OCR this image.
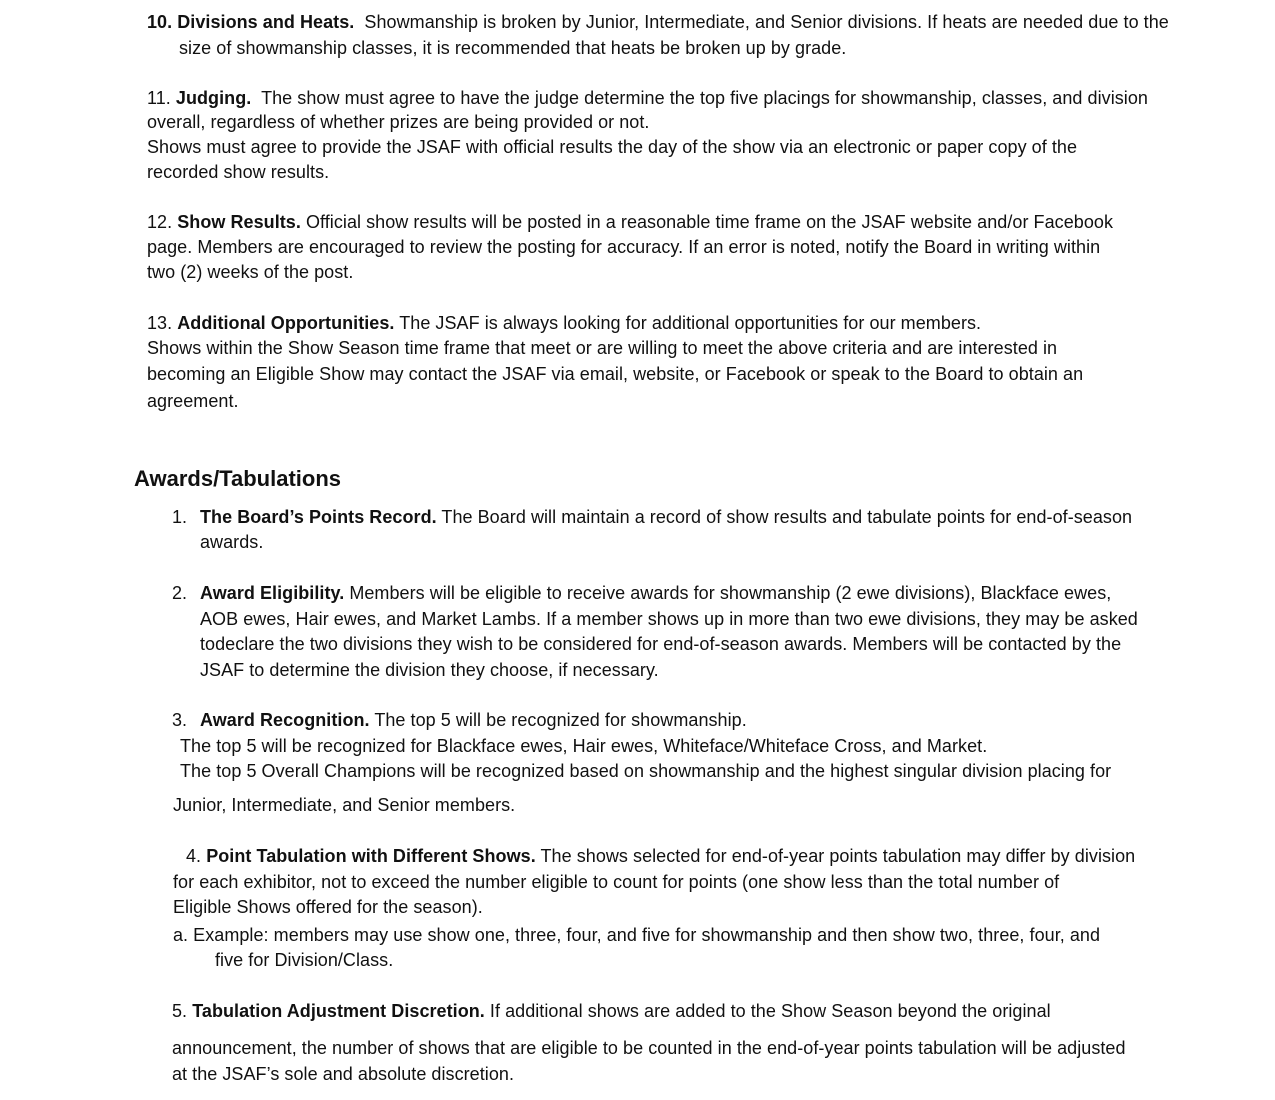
10. Divisions and Heats. Showmanship is broken by Junior, Intermediate, and Senior divisions. If heats are needed due to the
size of showmanship classes, it is recommended that heats be broken up by grade.
11. Judging. The show must agree to have the judge determine the top five placings for showmanship, classes, and division
overall, regardless of whether prizes are being provided or not.
Shows must agree to provide the JSAF with official results the day of the show via an electronic or paper copy of the
recorded show results.
12. Show Results. Official show results will be posted in a reasonable time frame on the JSAF website and/or Facebook
page. Members are encouraged to review the posting for accuracy. If an error is noted, notify the Board in writing within
two (2) weeks of the post.
13. Additional Opportunities. The JSAF is always looking for additional opportunities for our members.
Shows within the Show Season time frame that meet or are willing to meet the above criteria and are interested in
becoming an Eligible Show may contact the JSAF via email, website, or Facebook or speak to the Board to obtain an
agreement.
Awards/Tabulations
1. The Board’s Points Record. The Board will maintain a record of show results and tabulate points for end-of-season
awards.
2. Award Eligibility. Members will be eligible to receive awards for showmanship (2 ewe divisions), Blackface ewes,
AOB ewes, Hair ewes, and Market Lambs. If a member shows up in more than two ewe divisions, they may be asked
todeclare the two divisions they wish to be considered for end-of-season awards. Members will be contacted by the
JSAF to determine the division they choose, if necessary.
3. Award Recognition. The top 5 will be recognized for showmanship.
The top 5 will be recognized for Blackface ewes, Hair ewes, Whiteface/Whiteface Cross, and Market.
The top 5 Overall Champions will be recognized based on showmanship and the highest singular division placing for
Junior, Intermediate, and Senior members.
4. Point Tabulation with Different Shows. The shows selected for end-of-year points tabulation may differ by division
for each exhibitor, not to exceed the number eligible to count for points (one show less than the total number of
Eligible Shows offered for the season).
a. Example: members may use show one, three, four, and five for showmanship and then show two, three, four, and
five for Division/Class.
5. Tabulation Adjustment Discretion. If additional shows are added to the Show Season beyond the original
announcement, the number of shows that are eligible to be counted in the end-of-year points tabulation will be adjusted
at the JSAF’s sole and absolute discretion.
